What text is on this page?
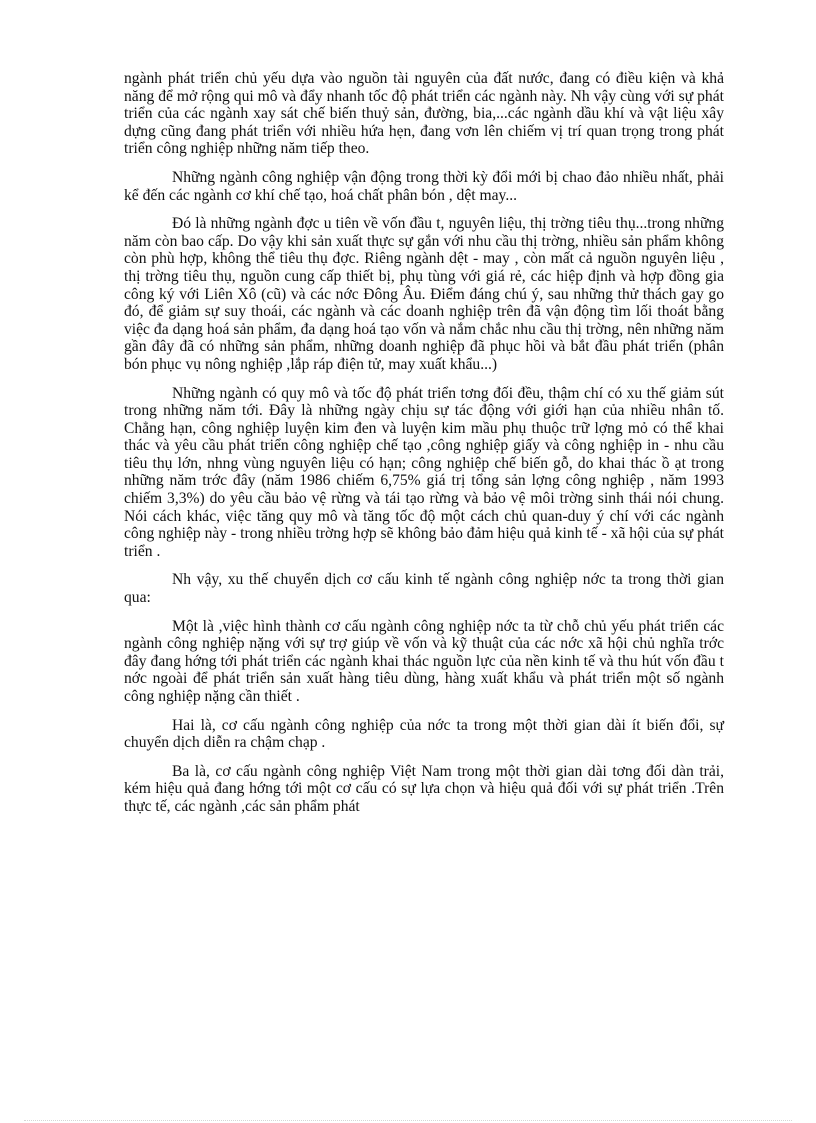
ngành phát triển chủ yếu dựa vào nguồn tài nguyên của đất nước, đang có điều kiện và khả năng để mở rộng qui mô và đẩy nhanh tốc độ phát triển các ngành này. Nh vậy cùng với sự phát triển của các ngành xay sát chế biến thuỷ sản, đường, bia,...các ngành dầu khí và vật liệu xây dựng cũng đang phát triển với nhiều hứa hẹn, đang vơn lên chiếm vị trí quan trọng trong phát triển công nghiệp những năm tiếp theo.

Những ngành công nghiệp vận động trong thời kỳ đổi mới bị chao đảo nhiều nhất, phải kể đến các ngành cơ khí chế tạo, hoá chất phân bón , dệt may...

Đó là những ngành đợc u tiên về vốn đầu t, nguyên liệu, thị trờng tiêu thụ...trong những năm còn bao cấp. Do vậy khi sản xuất thực sự gắn với nhu cầu thị trờng, nhiều sản phẩm không còn phù hợp, không thể tiêu thụ đợc. Riêng ngành dệt - may , còn mất cả nguồn nguyên liệu , thị trờng tiêu thụ, nguồn cung cấp thiết bị, phụ tùng với giá rẻ, các hiệp định và hợp đồng gia công ký với Liên Xô (cũ) và các nớc Đông Âu. Điểm đáng chú ý, sau những thử thách gay go đó, để giảm sự suy thoái, các ngành và các doanh nghiệp trên đã vận động tìm lối thoát bằng việc đa dạng hoá sản phẩm, đa dạng hoá tạo vốn và nắm chắc nhu cầu thị trờng, nên những năm gần đây đã có những sản phẩm, những doanh nghiệp đã phục hồi và bắt đầu phát triển (phân bón phục vụ nông nghiệp ,lắp ráp điện tử, may xuất khẩu...)

Những ngành có quy mô và tốc độ phát triển tơng đối đều, thậm chí có xu thế giảm sút trong những năm tới. Đây là những ngày chịu sự tác động với giới hạn của nhiều nhân tố. Chẳng hạn, công nghiệp luyện kim đen và luyện kim mầu phụ thuộc trữ lợng mỏ có thể khai thác và yêu cầu phát triển công nghiệp chế tạo ,công nghiệp giấy và công nghiệp in - nhu cầu tiêu thụ lớn, nhng vùng nguyên liệu có hạn; công nghiệp chế biến gỗ, do khai thác ồ ạt trong những năm trớc đây (năm 1986 chiếm 6,75% giá trị tổng sản lợng công nghiệp , năm 1993 chiếm 3,3%) do yêu cầu bảo vệ rừng và tái tạo rừng và bảo vệ môi trờng sinh thái nói chung. Nói cách khác, việc tăng quy mô và tăng tốc độ một cách chủ quan-duy ý chí với các ngành công nghiệp này - trong nhiều trờng hợp sẽ không bảo đảm hiệu quả kinh tế - xã hội của sự phát triển .

Nh vậy, xu thế chuyển dịch cơ cấu kinh tế ngành công nghiệp nớc ta trong thời gian qua:

Một là ,việc hình thành cơ cấu ngành công nghiệp nớc ta từ chỗ chủ yếu phát triển các ngành công nghiệp nặng với sự trợ giúp về vốn và kỹ thuật của các nớc xã hội chủ nghĩa trớc đây đang hớng tới phát triển các ngành khai thác nguồn lực của nền kinh tế và thu hút vốn đầu t nớc ngoài để phát triển sản xuất hàng tiêu dùng, hàng xuất khẩu và phát triển một số ngành công nghiệp nặng cần thiết .

Hai là, cơ cấu ngành công nghiệp của nớc ta trong một thời gian dài ít biến đổi, sự chuyển dịch diễn ra chậm chạp .

Ba là, cơ cấu ngành công nghiệp Việt Nam trong một thời gian dài tơng đối dàn trải, kém hiệu quả đang hớng tới một cơ cấu có sự lựa chọn và hiệu quả đối với sự phát triển .Trên thực tế, các ngành ,các sản phẩm phát
